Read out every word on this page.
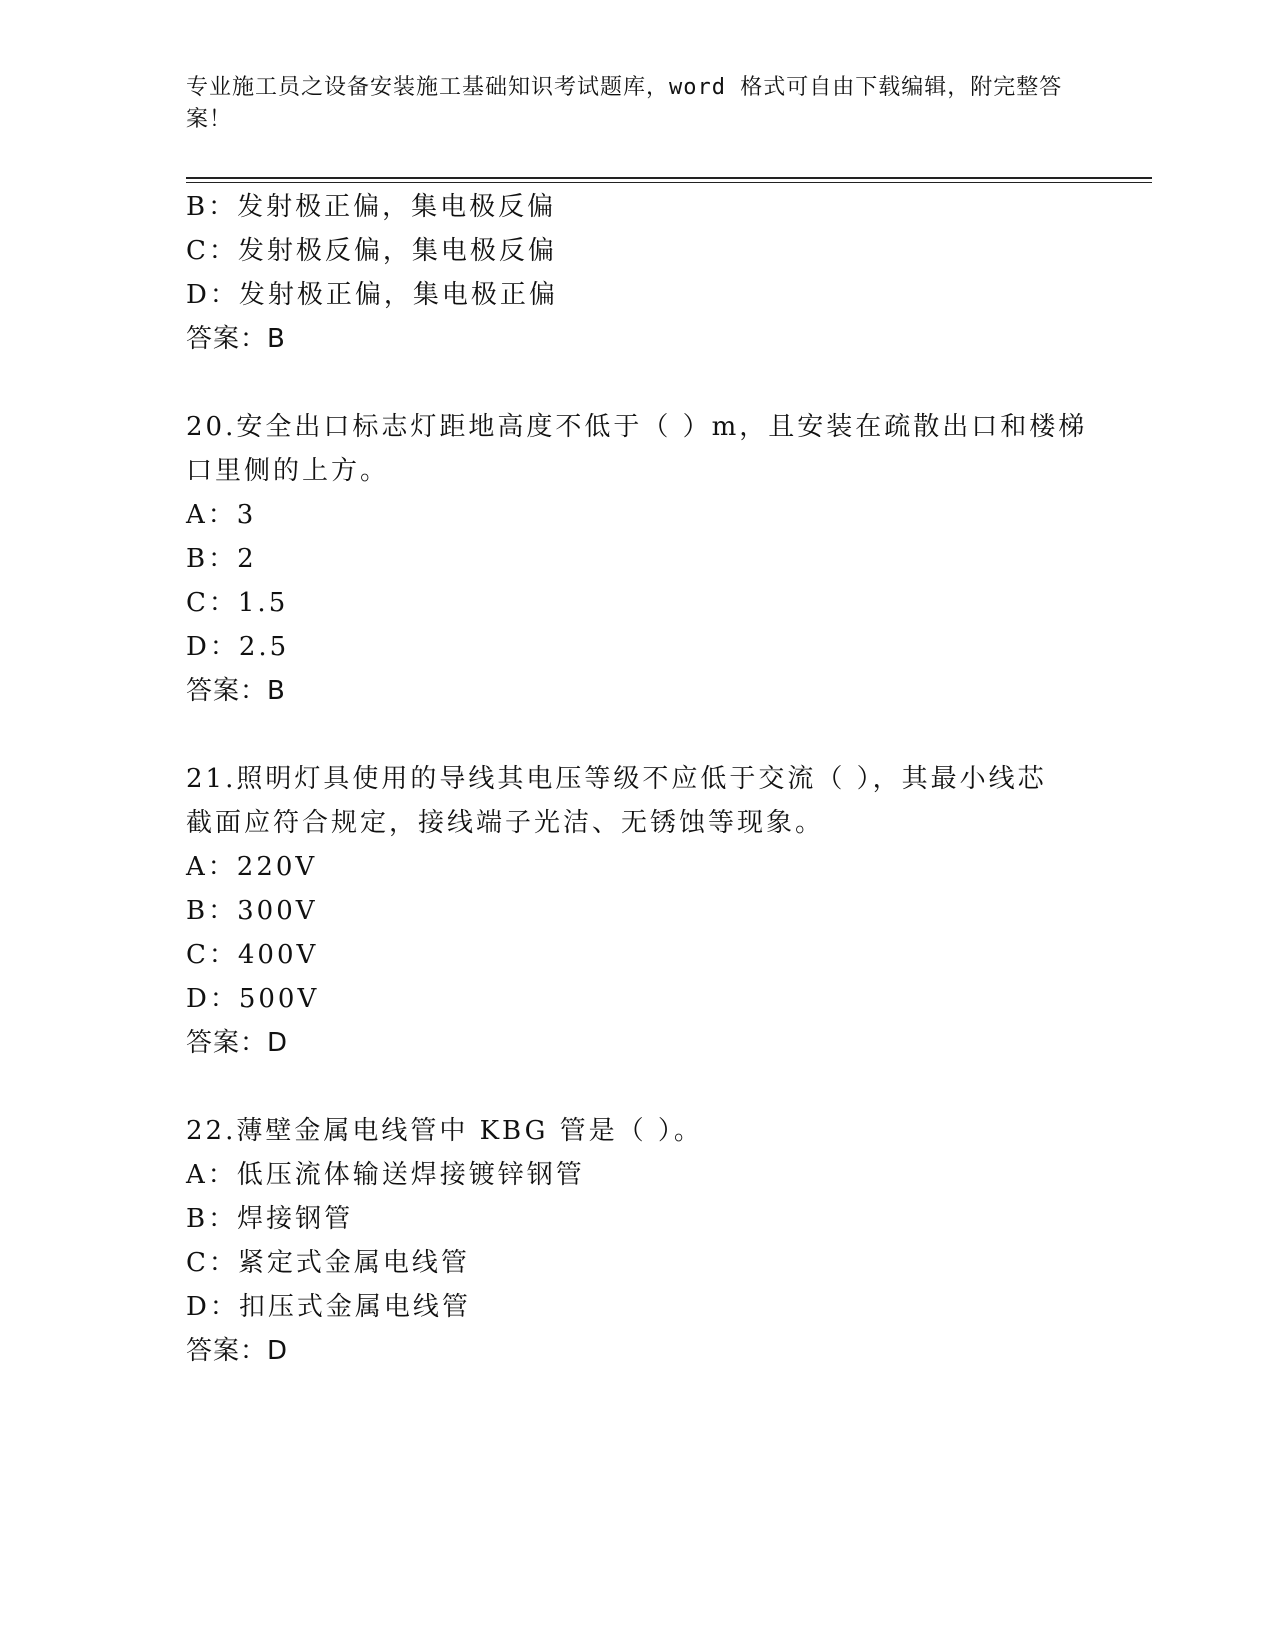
专业施工员之设备安装施工基础知识考试题库，word 格式可自由下载编辑，附完整答案！
B：发射极正偏，集电极反偏
C：发射极反偏，集电极反偏
D：发射极正偏，集电极正偏
答案：B
20.安全出口标志灯距地高度不低于（ ）m，且安装在疏散出口和楼梯
口里侧的上方。
A：3
B：2
C：1.5
D：2.5
答案：B
21.照明灯具使用的导线其电压等级不应低于交流（ ），其最小线芯
截面应符合规定，接线端子光洁、无锈蚀等现象。
A：220V
B：300V
C：400V
D：500V
答案：D
22.薄壁金属电线管中 KBG 管是（ ）。
A：低压流体输送焊接镀锌钢管
B：焊接钢管
C：紧定式金属电线管
D：扣压式金属电线管
答案：D
